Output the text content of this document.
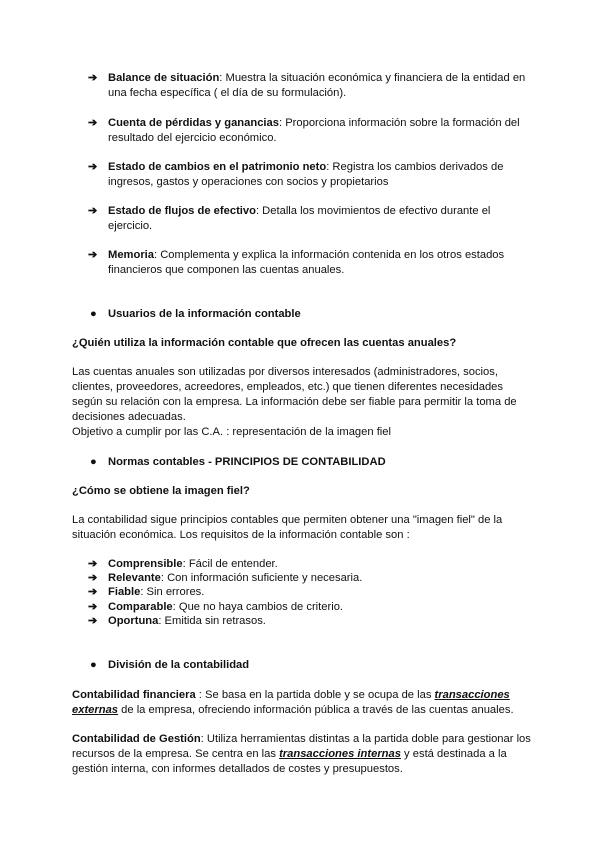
➔ Balance de situación: Muestra la situación económica y financiera de la entidad en una fecha específica ( el día de su formulación).
➔ Cuenta de pérdidas y ganancias: Proporciona información sobre la formación del resultado del ejercicio económico.
➔ Estado de cambios en el patrimonio neto: Registra los cambios derivados de ingresos, gastos y operaciones con socios y propietarios
➔ Estado de flujos de efectivo: Detalla los movimientos de efectivo durante el ejercicio.
➔ Memoria: Complementa y explica la información contenida en los otros estados financieros que componen las cuentas anuales.
● Usuarios de la información contable
¿Quién utiliza la información contable que ofrecen las cuentas anuales?
Las cuentas anuales son utilizadas por diversos interesados (administradores, socios, clientes, proveedores, acreedores, empleados, etc.) que tienen diferentes necesidades según su relación con la empresa. La información debe ser fiable para permitir la toma de decisiones adecuadas.
Objetivo a cumplir por las C.A. : representación de la imagen fiel
● Normas contables - PRINCIPIOS DE CONTABILIDAD
¿Cómo se obtiene la imagen fiel?
La contabilidad sigue principios contables que permiten obtener una "imagen fiel" de la situación económica. Los requisitos de la información contable son :
➔ Comprensible: Fácil de entender.
➔ Relevante: Con información suficiente y necesaria.
➔ Fiable: Sin errores.
➔ Comparable: Que no haya cambios de criterio.
➔ Oportuna: Emitida sin retrasos.
● División de la contabilidad
Contabilidad financiera : Se basa en la partida doble y se ocupa de las transacciones externas de la empresa, ofreciendo información pública a través de las cuentas anuales.
Contabilidad de Gestión: Utiliza herramientas distintas a la partida doble para gestionar los recursos de la empresa. Se centra en las transacciones internas y está destinada a la gestión interna, con informes detallados de costes y presupuestos.
